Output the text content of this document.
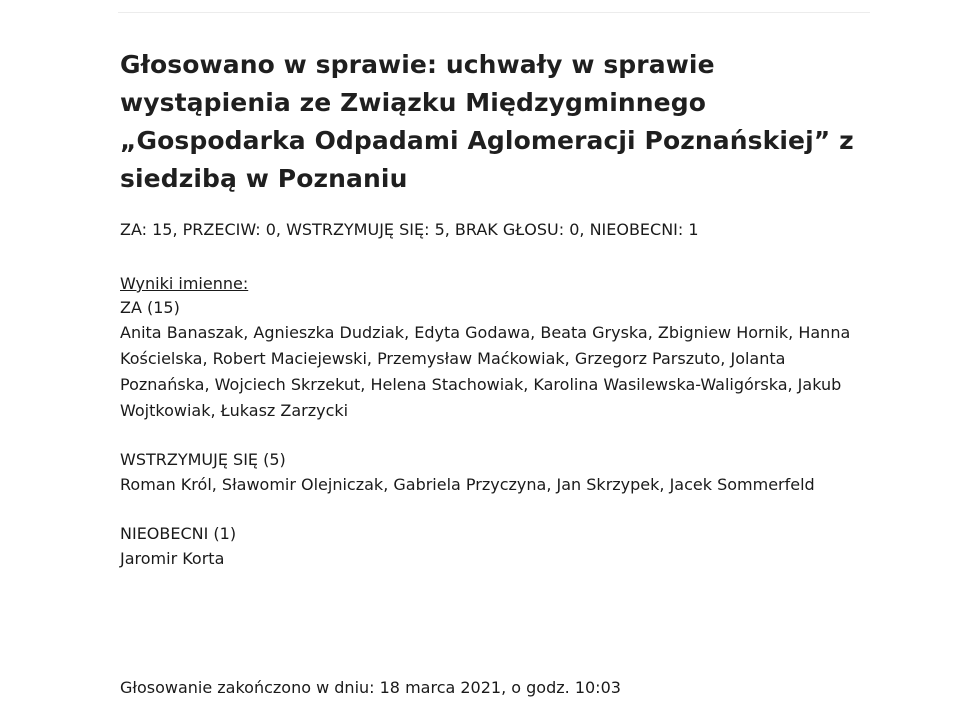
Głosowano w sprawie: uchwały w sprawie wystąpienia ze Związku Międzygminnego „Gospodarka Odpadami Aglomeracji Poznańskiej” z siedzibą w Poznaniu

ZA: 15, PRZECIW: 0, WSTRZYMUJĘ SIĘ: 5, BRAK GŁOSU: 0, NIEOBECNI: 1

Wyniki imienne:

ZA (15)

Anita Banaszak, Agnieszka Dudziak, Edyta Godawa, Beata Gryska, Zbigniew Hornik, Hanna Kościelska, Robert Maciejewski, Przemysław Maćkowiak, Grzegorz Parszuto, Jolanta Poznańska, Wojciech Skrzekut, Helena Stachowiak, Karolina Wasilewska-Waligórska, Jakub Wojtkowiak, Łukasz Zarzycki

WSTRZYMUJĘ SIĘ (5)

Roman Król, Sławomir Olejniczak, Gabriela Przyczyna, Jan Skrzypek, Jacek Sommerfeld

NIEOBECNI (1)

Jaromir Korta

Głosowanie zakończono w dniu: 18 marca 2021, o godz. 10:03
